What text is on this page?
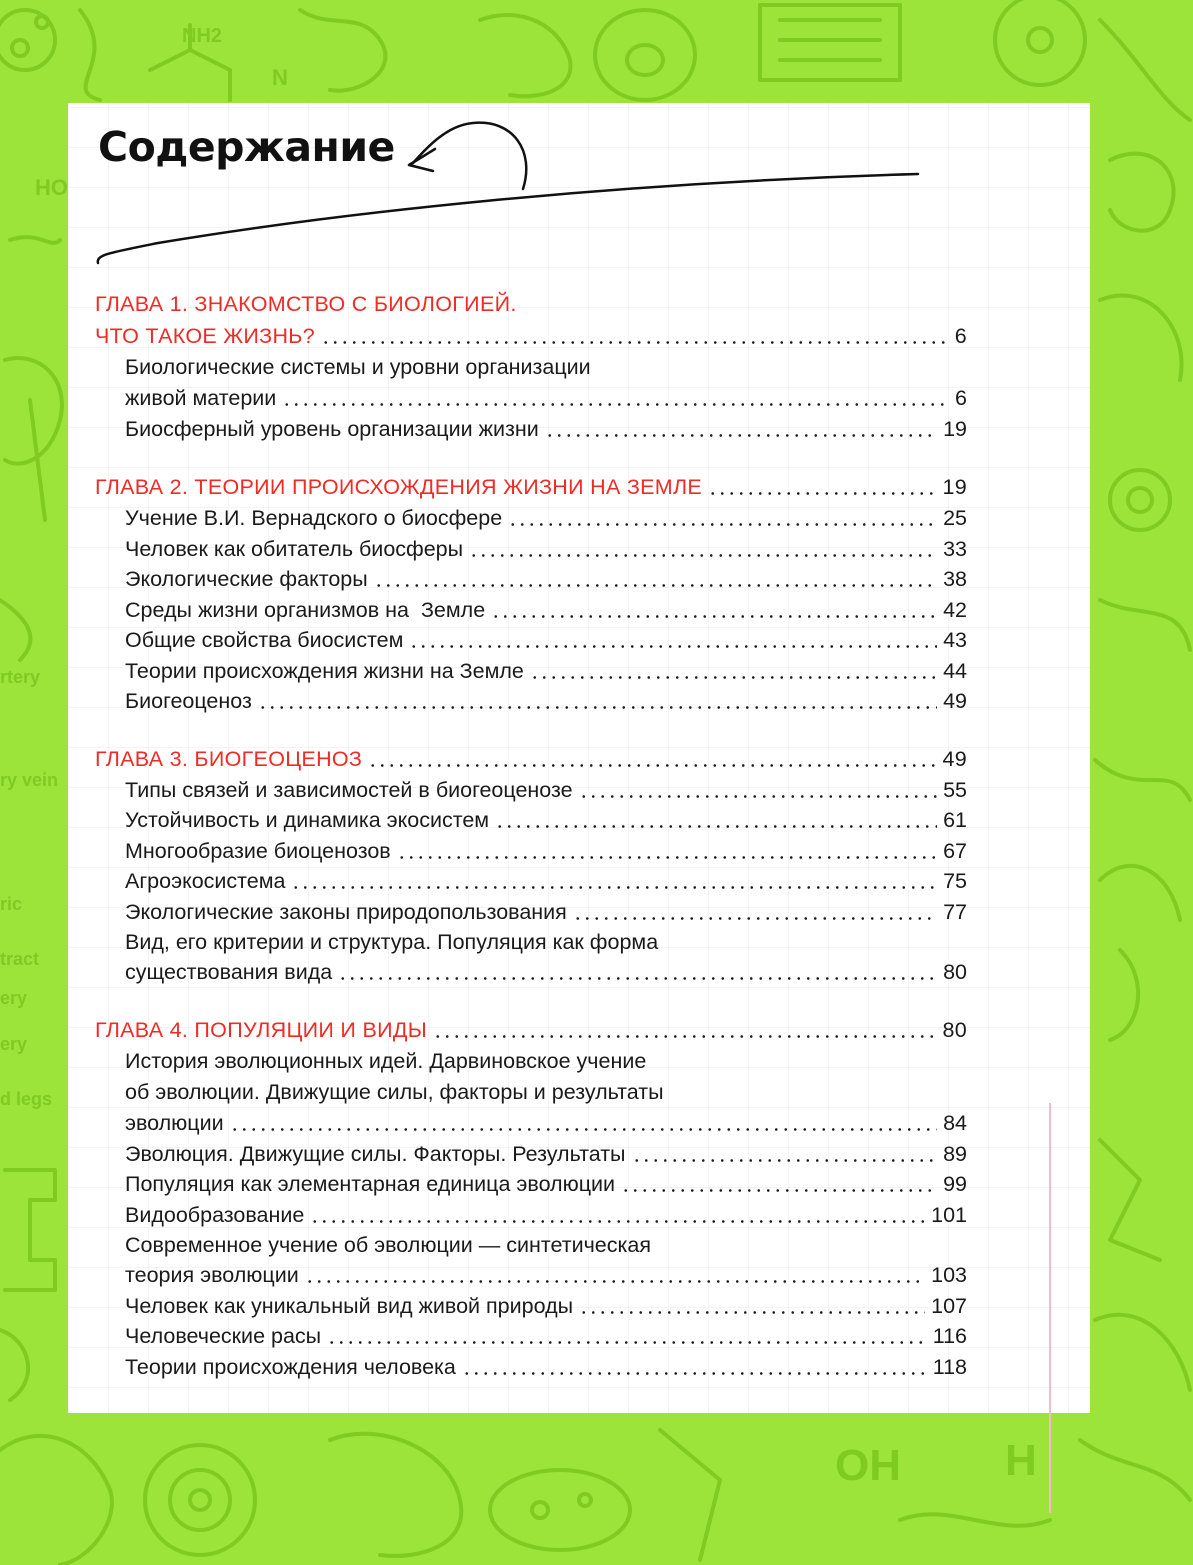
NH2
N
HO
rtery
ry vein
ric
tract
ery
ery
d legs
OH H
Содержание
ГЛАВА 1. ЗНАКОМСТВО С БИОЛОГИЕЙ.
ЧТО ТАКОЕ ЖИЗНЬ?	6
Биологические системы и уровни организации
живой материи	6
Биосферный уровень организации жизни	19
ГЛАВА 2. ТЕОРИИ ПРОИСХОЖДЕНИЯ ЖИЗНИ НА ЗЕМЛЕ	19
Учение В.И. Вернадского о биосфере	25
Человек как обитатель биосферы	33
Экологические факторы	38
Среды жизни организмов на  Земле	42
Общие свойства биосистем	43
Теории происхождения жизни на Земле	44
Биогеоценоз	49
ГЛАВА 3. БИОГЕОЦЕНОЗ	49
Типы связей и зависимостей в биогеоценозе	55
Устойчивость и динамика экосистем	61
Многообразие биоценозов	67
Агроэкосистема	75
Экологические законы природопользования	77
Вид, его критерии и структура. Популяция как форма
существования вида	80
ГЛАВА 4. ПОПУЛЯЦИИ И ВИДЫ	80
История эволюционных идей. Дарвиновское учение
об эволюции. Движущие силы, факторы и результаты
эволюции	84
Эволюция. Движущие силы. Факторы. Результаты	89
Популяция как элементарная единица эволюции	99
Видообразование	101
Современное учение об эволюции — синтетическая
теория эволюции	103
Человек как уникальный вид живой природы	107
Человеческие расы	116
Теории происхождения человека	118
